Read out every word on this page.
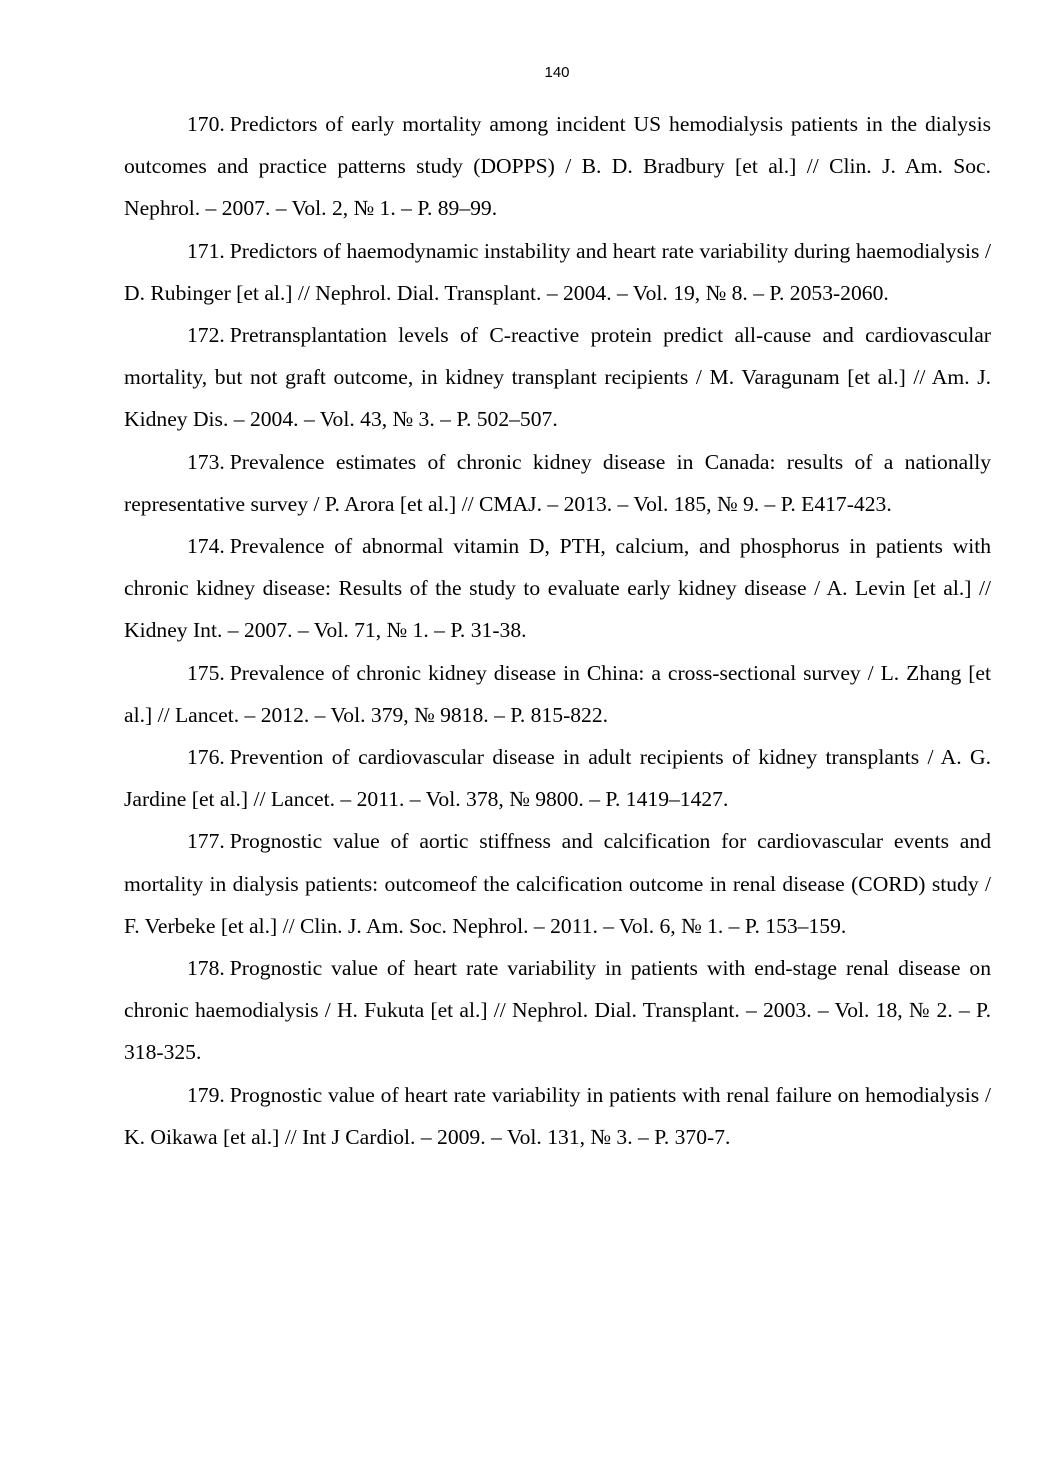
140

170. Predictors of early mortality among incident US hemodialysis patients in the dialysis outcomes and practice patterns study (DOPPS) / B. D. Bradbury [et al.] // Clin. J. Am. Soc. Nephrol. – 2007. – Vol. 2, № 1. – P. 89–99.

171. Predictors of haemodynamic instability and heart rate variability during haemodialysis / D. Rubinger [et al.] // Nephrol. Dial. Transplant. – 2004. – Vol. 19, № 8. – P. 2053-2060.

172. Pretransplantation levels of C-reactive protein predict all-cause and cardiovascular mortality, but not graft outcome, in kidney transplant recipients / M. Varagunam [et al.] // Am. J. Kidney Dis. – 2004. – Vol. 43, № 3. – P. 502–507.

173. Prevalence estimates of chronic kidney disease in Canada: results of a nationally representative survey / P. Arora [et al.] // CMAJ. – 2013. – Vol. 185, № 9. – P. E417-423.

174. Prevalence of abnormal vitamin D, PTH, calcium, and phosphorus in patients with chronic kidney disease: Results of the study to evaluate early kidney disease / A. Levin [et al.] // Kidney Int. – 2007. – Vol. 71, № 1. – P. 31-38.

175. Prevalence of chronic kidney disease in China: a cross-sectional survey / L. Zhang [et al.] // Lancet. – 2012. – Vol. 379, № 9818. – P. 815-822.

176. Prevention of cardiovascular disease in adult recipients of kidney transplants / A. G. Jardine [et al.] // Lancet. – 2011. – Vol. 378, № 9800. – P. 1419–1427.

177. Prognostic value of aortic stiffness and calcification for cardiovascular events and mortality in dialysis patients: outcomeof the calcification outcome in renal disease (CORD) study / F. Verbeke [et al.] // Clin. J. Am. Soc. Nephrol. – 2011. – Vol. 6, № 1. – P. 153–159.

178. Prognostic value of heart rate variability in patients with end-stage renal disease on chronic haemodialysis / H. Fukuta [et al.] // Nephrol. Dial. Transplant. – 2003. – Vol. 18, № 2. – P. 318-325.

179. Prognostic value of heart rate variability in patients with renal failure on hemodialysis / K. Oikawa [et al.] // Int J Cardiol. – 2009. – Vol. 131, № 3. – P. 370-7.
